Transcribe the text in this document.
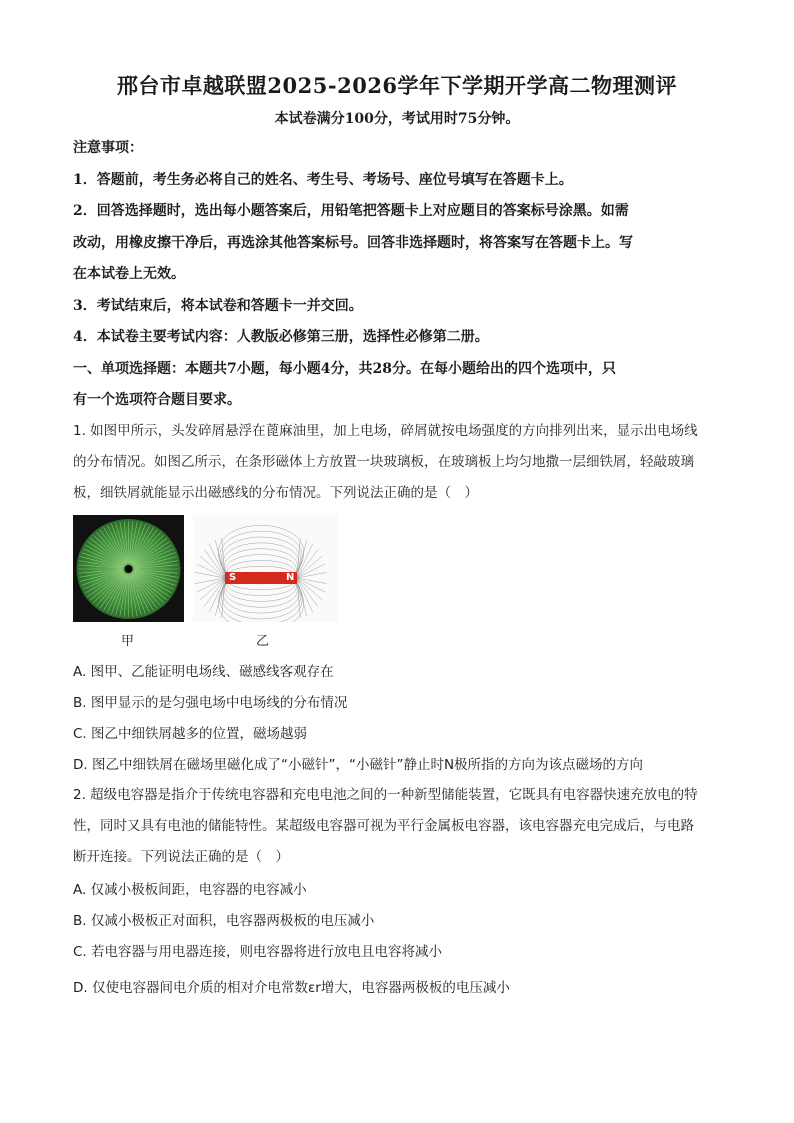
邢台市卓越联盟2025-2026学年下学期开学高二物理测评
本试卷满分100分，考试用时75分钟。

注意事项：

1．答题前，考生务必将自己的姓名、考生号、考场号、座位号填写在答题卡上。

2．回答选择题时，选出每小题答案后，用铅笔把答题卡上对应题目的答案标号涂黑。如需

改动，用橡皮擦干净后，再选涂其他答案标号。回答非选择题时，将答案写在答题卡上。写

在本试卷上无效。

3．考试结束后，将本试卷和答题卡一并交回。

4．本试卷主要考试内容：人教版必修第三册，选择性必修第二册。

一、单项选择题：本题共7小题，每小题4分，共28分。在每小题给出的四个选项中，只

有一个选项符合题目要求。

1. 如图甲所示，头发碎屑悬浮在蓖麻油里，加上电场，碎屑就按电场强度的方向排列出来，显示出电场线

的分布情况。如图乙所示，在条形磁体上方放置一块玻璃板，在玻璃板上均匀地撒一层细铁屑，轻敲玻璃

板，细铁屑就能显示出磁感线的分布情况。下列说法正确的是（　）

甲
S	N
乙
A. 图甲、乙能证明电场线、磁感线客观存在
B. 图甲显示的是匀强电场中电场线的分布情况
C. 图乙中细铁屑越多的位置，磁场越弱
D. 图乙中细铁屑在磁场里磁化成了“小磁针”，“小磁针”静止时N极所指的方向为该点磁场的方向

2. 超级电容器是指介于传统电容器和充电电池之间的一种新型储能装置，它既具有电容器快速充放电的特

性，同时又具有电池的储能特性。某超级电容器可视为平行金属板电容器，该电容器充电完成后，与电路

断开连接。下列说法正确的是（　）

A. 仅减小极板间距，电容器的电容减小
B. 仅减小极板正对面积，电容器两极板的电压减小
C. 若电容器与用电器连接，则电容器将进行放电且电容将减小
D. 仅使电容器间电介质的相对介电常数εr增大，电容器两极板的电压减小
